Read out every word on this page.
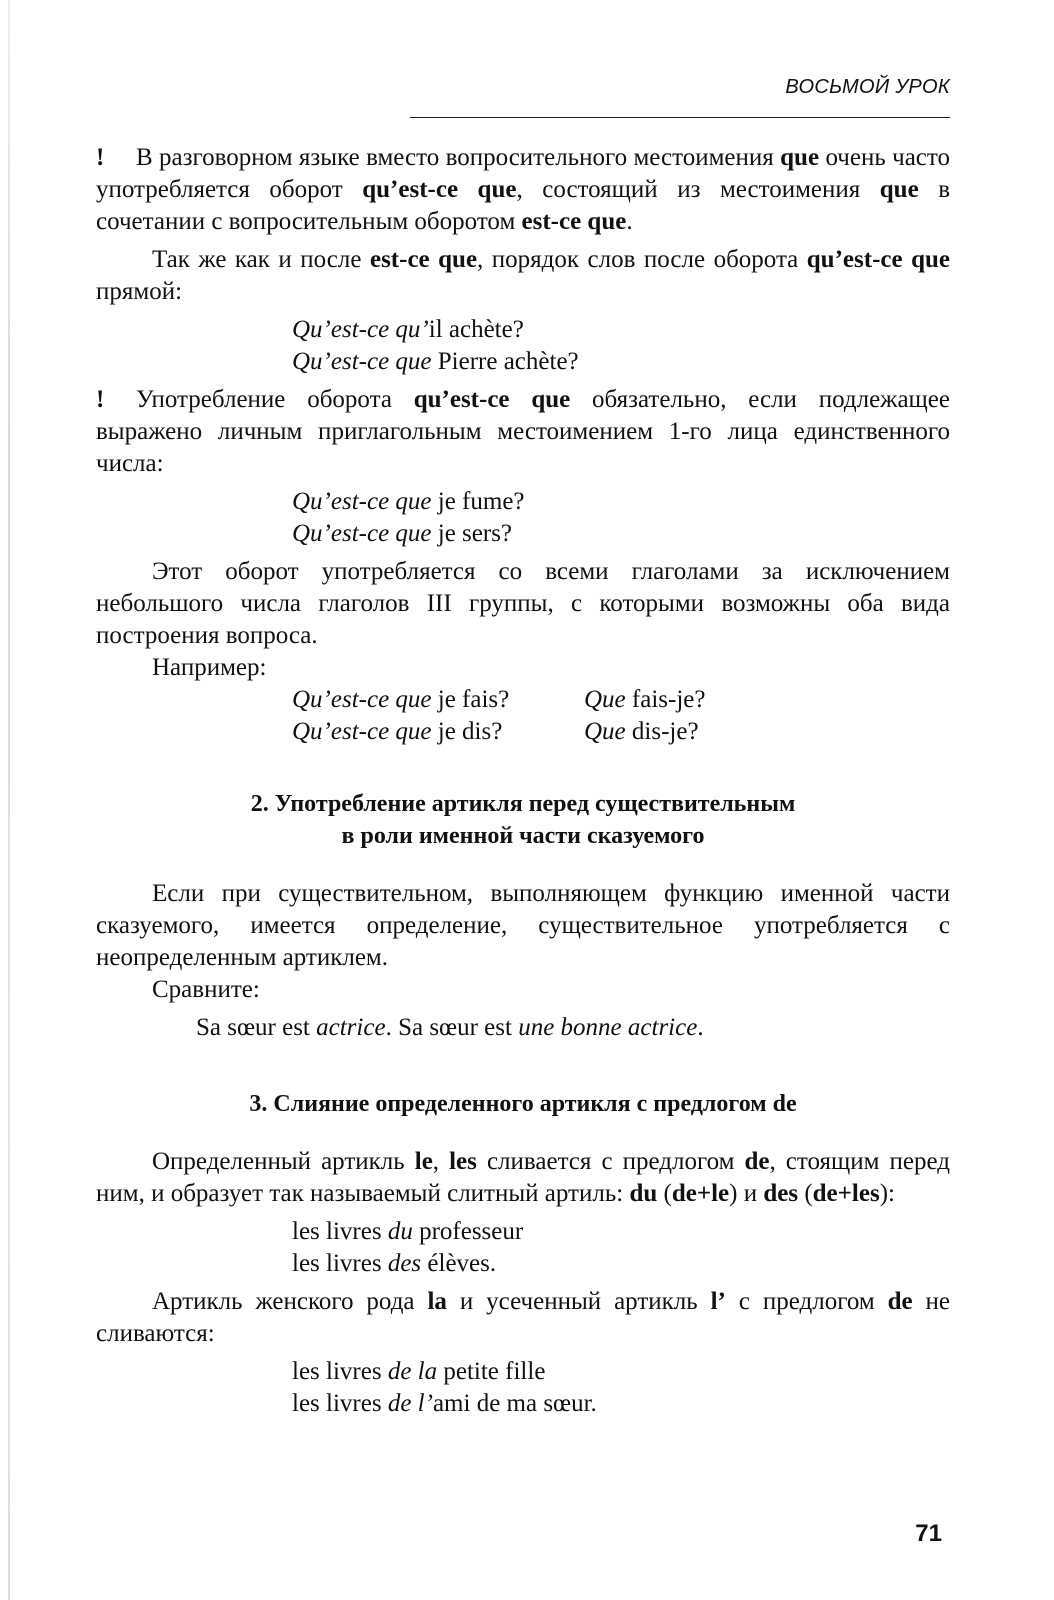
ВОСЬМОЙ УРОК

! В разговорном языке вместо вопросительного местоимения que очень часто употребляется оборот qu’est-ce que, состоящий из местоимения que в сочетании с вопросительным оборотом est-ce que.

Так же как и после est-ce que, порядок слов после оборота qu’est-ce que прямой:

Qu’est-ce qu’il achète?

Qu’est-ce que Pierre achète?

! Употребление оборота qu’est-ce que обязательно, если подлежащее выражено личным приглагольным местоимением 1-го лица единственного числа:

Qu’est-ce que je fume?

Qu’est-ce que je sers?

Этот оборот употребляется со всеми глаголами за исключением небольшого числа глаголов III группы, с которыми возможны оба вида построения вопроса.

Например:

Qu’est-ce que je fais?	Que fais-je?
Qu’est-ce que je dis?	Que dis-je?
2. Употребление артикля перед существительным
в роли именной части сказуемого

Если при существительном, выполняющем функцию именной части сказуемого, имеется определение, существительное употребляется с неопределенным артиклем.

Сравните:

Sa sœur est actrice. Sa sœur est une bonne actrice.

3. Слияние определенного артикля с предлогом de

Определенный артикль le, les сливается с предлогом de, стоящим перед ним, и образует так называемый слитный артиль: du (de+le) и des (de+les):

les livres du professeur

les livres des élèves.

Артикль женского рода la и усеченный артикль l’ с предлогом de не сливаются:

les livres de la petite fille

les livres de l’ami de ma sœur.

71
